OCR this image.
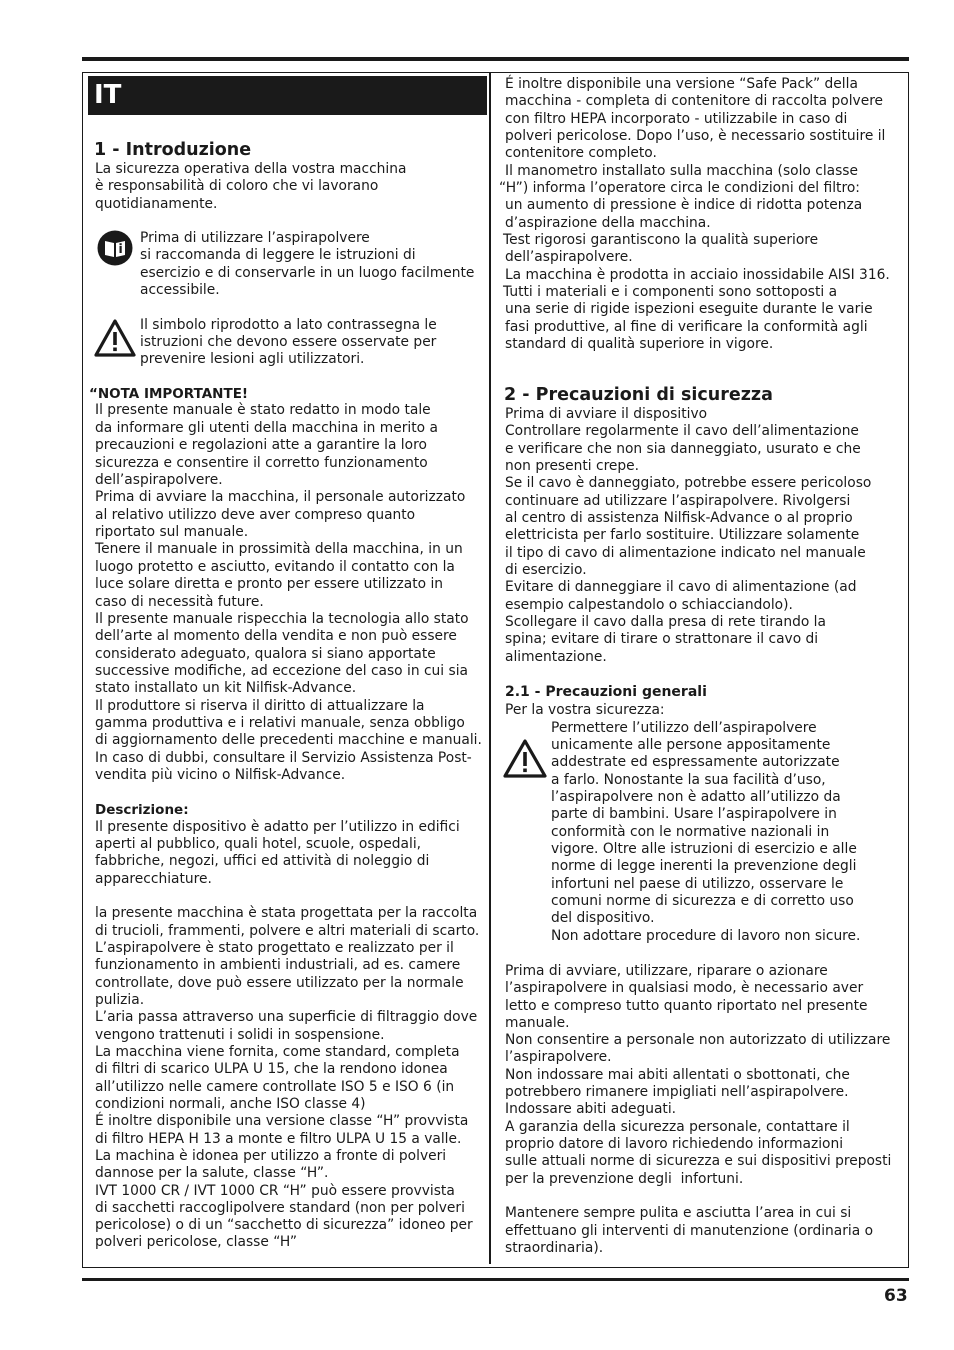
IT
1 - Introduzione
La sicurezza operativa della vostra macchina
è responsabilità di coloro che vi lavorano
quotidianamente.
Prima di utilizzare l’aspirapolvere
si raccomanda di leggere le istruzioni di
esercizio e di conservarle in un luogo facilmente
accessibile.
Il simbolo riprodotto a lato contrassegna le
istruzioni che devono essere osservate per
prevenire lesioni agli utilizzatori.
“NOTA IMPORTANTE!
Il presente manuale è stato redatto in modo tale
da informare gli utenti della macchina in merito a
precauzioni e regolazioni atte a garantire la loro
sicurezza e consentire il corretto funzionamento
dell’aspirapolvere.
Prima di avviare la macchina, il personale autorizzato
al relativo utilizzo deve aver compreso quanto
riportato sul manuale.
Tenere il manuale in prossimità della macchina, in un
luogo protetto e asciutto, evitando il contatto con la
luce solare diretta e pronto per essere utilizzato in
caso di necessità future.
Il presente manuale rispecchia la tecnologia allo stato
dell’arte al momento della vendita e non può essere
considerato adeguato, qualora si siano apportate
successive modifiche, ad eccezione del caso in cui sia
stato installato un kit Nilfisk-Advance.
Il produttore si riserva il diritto di attualizzare la
gamma produttiva e i relativi manuale, senza obbligo
di aggiornamento delle precedenti macchine e manuali.
In caso di dubbi, consultare il Servizio Assistenza Post-
vendita più vicino o Nilfisk-Advance.
Descrizione:
Il presente dispositivo è adatto per l’utilizzo in edifici
aperti al pubblico, quali hotel, scuole, ospedali,
fabbriche, negozi, uffici ed attività di noleggio di
apparecchiature.
la presente macchina è stata progettata per la raccolta
di trucioli, frammenti, polvere e altri materiali di scarto.
L’aspirapolvere è stato progettato e realizzato per il
funzionamento in ambienti industriali, ad es. camere
controllate, dove può essere utilizzato per la normale
pulizia.
L’aria passa attraverso una superficie di filtraggio dove
vengono trattenuti i solidi in sospensione.
La macchina viene fornita, come standard, completa
di filtri di scarico ULPA U 15, che la rendono idonea
all’utilizzo nelle camere controllate ISO 5 e ISO 6 (in
condizioni normali, anche ISO classe 4)
É inoltre disponibile una versione classe “H” provvista
di filtro HEPA H 13 a monte e filtro ULPA U 15 a valle.
La machina è idonea per utilizzo a fronte di polveri
dannose per la salute, classe “H”.
IVT 1000 CR / IVT 1000 CR “H” può essere provvista
di sacchetti raccoglipolvere standard (non per polveri
pericolose) o di un “sacchetto di sicurezza” idoneo per
polveri pericolose, classe “H”
É inoltre disponibile una versione “Safe Pack” della
macchina - completa di contenitore di raccolta polvere
con filtro HEPA incorporato - utilizzabile in caso di
polveri pericolose. Dopo l’uso, è necessario sostituire il
contenitore completo.
Il manometro installato sulla macchina (solo classe
“H”) informa l’operatore circa le condizioni del filtro:
un aumento di pressione è indice di ridotta potenza
d’aspirazione della macchina.
Test rigorosi garantiscono la qualità superiore
dell’aspirapolvere.
La macchina è prodotta in acciaio inossidabile AISI 316.
Tutti i materiali e i componenti sono sottoposti a
una serie di rigide ispezioni eseguite durante le varie
fasi produttive, al fine di verificare la conformità agli
standard di qualità superiore in vigore.
2 - Precauzioni di sicurezza
Prima di avviare il dispositivo
Controllare regolarmente il cavo dell’alimentazione
e verificare che non sia danneggiato, usurato e che
non presenti crepe.
Se il cavo è danneggiato, potrebbe essere pericoloso
continuare ad utilizzare l’aspirapolvere. Rivolgersi
al centro di assistenza Nilfisk-Advance o al proprio
elettricista per farlo sostituire. Utilizzare solamente
il tipo di cavo di alimentazione indicato nel manuale
di esercizio.
Evitare di danneggiare il cavo di alimentazione (ad
esempio calpestandolo o schiacciandolo).
Scollegare il cavo dalla presa di rete tirando la
spina; evitare di tirare o strattonare il cavo di
alimentazione.
2.1 - Precauzioni generali
Per la vostra sicurezza:
Permettere l’utilizzo dell’aspirapolvere
unicamente alle persone appositamente
addestrate ed espressamente autorizzate
a farlo. Nonostante la sua facilità d’uso,
l’aspirapolvere non è adatto all’utilizzo da
parte di bambini. Usare l’aspirapolvere in
conformità con le normative nazionali in
vigore. Oltre alle istruzioni di esercizio e alle
norme di legge inerenti la prevenzione degli
infortuni nel paese di utilizzo, osservare le
comuni norme di sicurezza e di corretto uso
del dispositivo.
Non adottare procedure di lavoro non sicure.
Prima di avviare, utilizzare, riparare o azionare
l’aspirapolvere in qualsiasi modo, è necessario aver
letto e compreso tutto quanto riportato nel presente
manuale.
Non consentire a personale non autorizzato di utilizzare
l’aspirapolvere.
Non indossare mai abiti allentati o sbottonati, che
potrebbero rimanere impigliati nell’aspirapolvere.
Indossare abiti adeguati.
A garanzia della sicurezza personale, contattare il
proprio datore di lavoro richiedendo informazioni
sulle attuali norme di sicurezza e sui dispositivi preposti
per la prevenzione degli  infortuni.
Mantenere sempre pulita e asciutta l’area in cui si
effettuano gli interventi di manutenzione (ordinaria o
straordinaria).
63
